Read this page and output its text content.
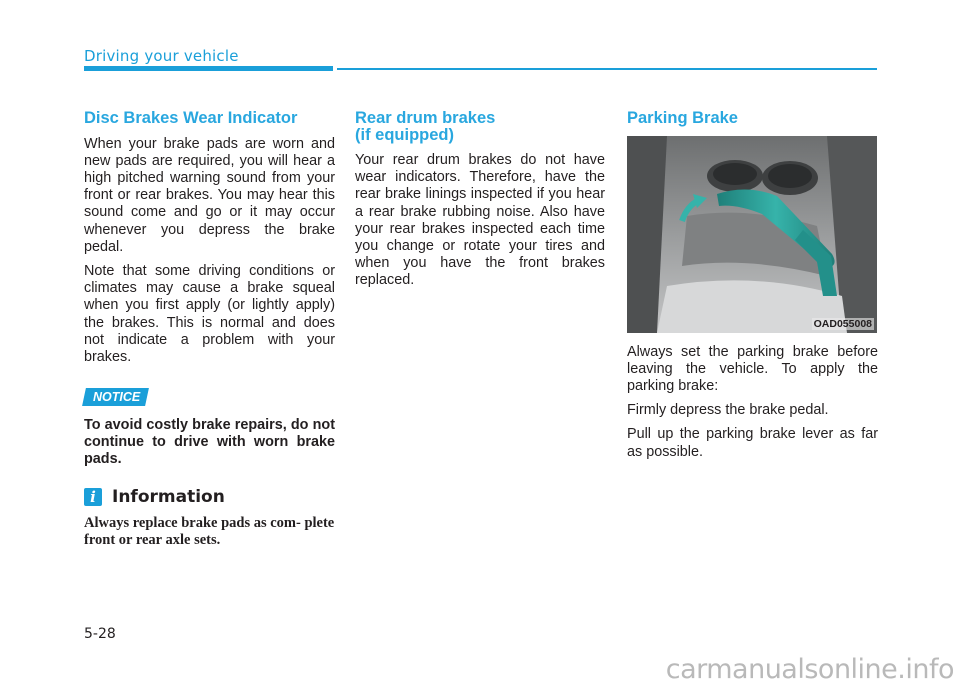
Driving your vehicle
Disc Brakes Wear Indicator

When your brake pads are worn and new pads are required, you will hear a high pitched warning sound from your front or rear brakes. You may hear this sound come and go or it may occur whenever you depress the brake pedal.

Note that some driving conditions or climates may cause a brake squeal when you first apply (or lightly apply) the brakes. This is normal and does not indicate a problem with your brakes.

NOTICE

To avoid costly brake repairs, do not continue to drive with worn brake pads.

i Information

Always replace brake pads as com- plete front or rear axle sets.

Rear drum brakes
(if equipped)

Your rear drum brakes do not have wear indicators. Therefore, have the rear brake linings inspected if you hear a rear brake rubbing noise. Also have your rear brakes inspected each time you change or rotate your tires and when you have the front brakes replaced.

Parking Brake
OAD055008

Always set the parking brake before leaving the vehicle. To apply the parking brake:

Firmly depress the brake pedal.

Pull up the parking brake lever as far as possible.

5-28
carmanualsonline.info
